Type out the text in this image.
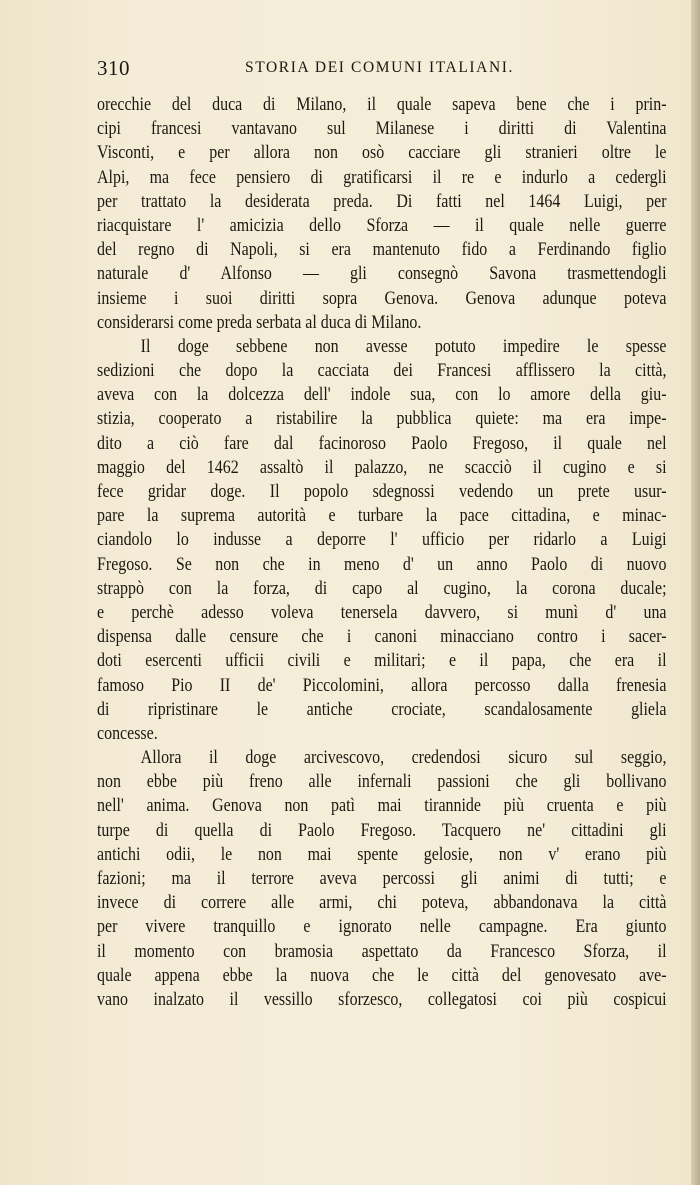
310	STORIA DEI COMUNI ITALIANI.
orecchie del duca di Milano, il quale sapeva bene che i prin-
cipi francesi vantavano sul Milanese i diritti di Valentina
Visconti, e per allora non osò cacciare gli stranieri oltre le
Alpi, ma fece pensiero di gratificarsi il re e indurlo a cedergli
per trattato la desiderata preda. Di fatti nel 1464 Luigi, per
riacquistare l' amicizia dello Sforza — il quale nelle guerre
del regno di Napoli, si era mantenuto fido a Ferdinando figlio
naturale d' Alfonso — gli consegnò Savona trasmettendogli
insieme i suoi diritti sopra Genova. Genova adunque poteva
considerarsi come preda serbata al duca di Milano.
Il doge sebbene non avesse potuto impedire le spesse
sedizioni che dopo la cacciata dei Francesi afflissero la città,
aveva con la dolcezza dell' indole sua, con lo amore della giu-
stizia, cooperato a ristabilire la pubblica quiete: ma era impe-
dito a ciò fare dal facinoroso Paolo Fregoso, il quale nel
maggio del 1462 assaltò il palazzo, ne scacciò il cugino e si
fece gridar doge. Il popolo sdegnossi vedendo un prete usur-
pare la suprema autorità e turbare la pace cittadina, e minac-
ciandolo lo indusse a deporre l' ufficio per ridarlo a Luigi
Fregoso. Se non che in meno d' un anno Paolo di nuovo
strappò con la forza, di capo al cugino, la corona ducale;
e perchè adesso voleva tenersela davvero, si munì d' una
dispensa dalle censure che i canoni minacciano contro i sacer-
doti esercenti ufficii civili e militari; e il papa, che era il
famoso Pio II de' Piccolomini, allora percosso dalla frenesia
di ripristinare le antiche crociate, scandalosamente gliela
concesse.
Allora il doge arcivescovo, credendosi sicuro sul seggio,
non ebbe più freno alle infernali passioni che gli bollivano
nell' anima. Genova non patì mai tirannide più cruenta e più
turpe di quella di Paolo Fregoso. Tacquero ne' cittadini gli
antichi odii, le non mai spente gelosie, non v' erano più
fazioni; ma il terrore aveva percossi gli animi di tutti; e
invece di correre alle armi, chi poteva, abbandonava la città
per vivere tranquillo e ignorato nelle campagne. Era giunto
il momento con bramosia aspettato da Francesco Sforza, il
quale appena ebbe la nuova che le città del genovesato ave-
vano inalzato il vessillo sforzesco, collegatosi coi più cospicui
